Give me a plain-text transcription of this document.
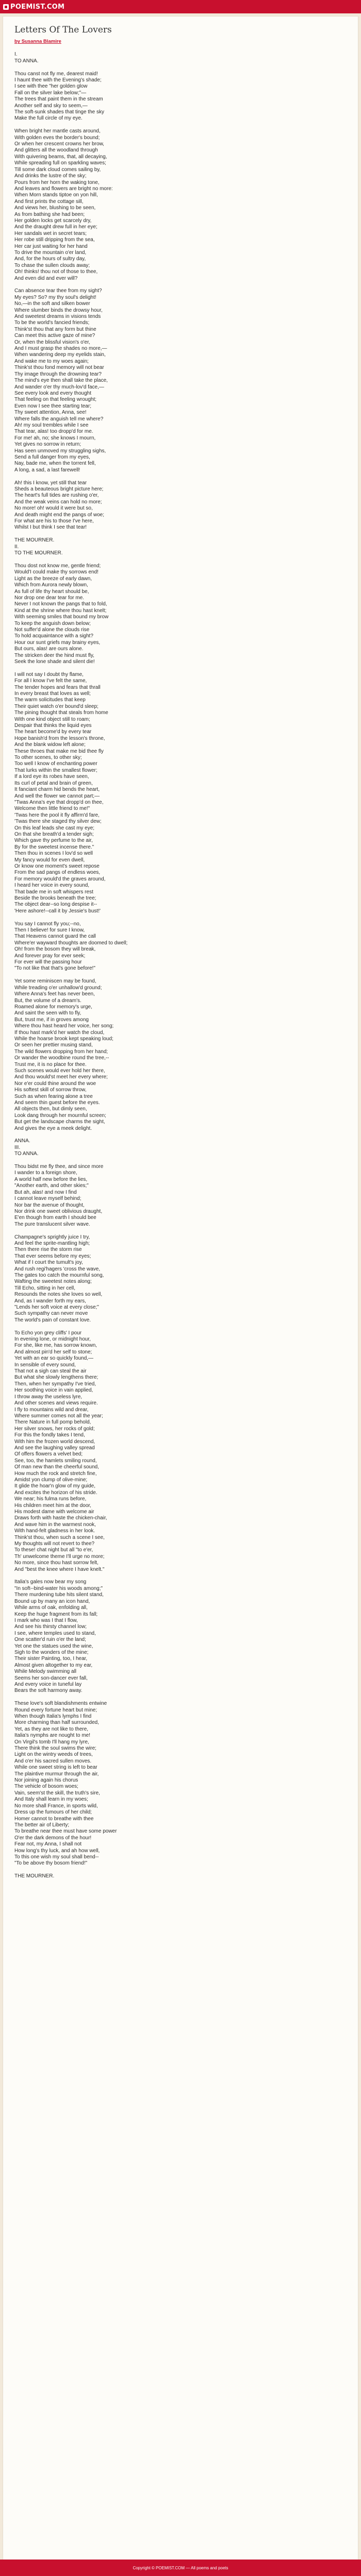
POEMIST.COM
Letters Of The Lovers
by Susanna Blamire
I.
TO ANNA.

Thou canst not fly me, dearest maid!
I haunt thee with the Evening's shade;
I see with thee "her golden glow
Fall on the silver lake below;"—
The trees that paint them in the stream
Another self and sky to seem,—
The soft-sunk shades that tinge the sky
Make the full circle of my eye.

When bright her mantle casts around,
With golden eves the border's bound;
Or when her crescent crowns her brow,
And glitters all the woodland through
With quivering beams, that, all decaying,
While spreading full on sparkling waves;
Till some dark cloud comes sailing by,
And drinks the lustre of the sky;
Pours from her horn the waking tone,
And leaves and flowers are bright no more:
When Morn stands tiptoe on yon hill,
And first prints the cottage sill,
And views her, blushing to be seen,
As from bathing she had been;
Her golden locks get scarcely dry,
And the draught drew full in her eye;
Her sandals wet in secret tears;
Her robe still dripping from the sea,
Her car just waiting for her hand
To drive the mountain o'er land,
And, for the hours of sultry day,
To chase the sullen clouds away;
Oh! thinks! thou not of those to thee,
And even did and ever will?

Can absence tear thee from my sight?
My eyes? So? my thy soul's delight!
No,—in the soft and silken bower
Where slumber binds the drowsy hour,
And sweetest dreams in visions tends
To be the world's fancied friends;
Think'st thou that any form but thine
Can meet this active gaze of mine?
Or, when the blissful vision's o'er,
And I must grasp the shades no more,—
When wandering deep my eyelids stain,
And wake me to my woes again;
Think'st thou fond memory will not bear
Thy image through the drowning tear?
The mind's eye then shall take the place,
And wander o'er thy much-lov'd face,—
See every look and every thought
That feeling on that feeling wrought;
Even now I see thee starting tear;
Thy sweet attention, Anna, see!
Where falls the anguish tell me where?
Ah! my soul trembles while I see
That tear, alas! too dropp'd for me.
For me! ah, no; she knows I mourn,
Yet gives no sorrow in return;
Has seen unmoved my struggling sighs,
Send a full danger from my eyes,
Nay, bade me, when the torrent fell,
A long, a sad, a last farewell!

Ah! this I know, yet still that tear
Sheds a beauteous bright picture here;
The heart's full tides are rushing o'er,
And the weak veins can hold no more;
No more! oh! would it were but so,
And death might end the pangs of woe;
For what are his to those I've here,
Whilst I but think I see that tear!

THE MOURNER.
II.
TO THE MOURNER.

Thou dost not know me, gentle friend;
Would'I could make thy sorrows end!
Light as the breeze of early dawn,
Which from Aurora newly blown,
As full of life thy heart should be,
Nor drop one dear tear for me.
Never I not known the pangs that to fold,
Kind at the shrine where thou hast knelt;
With seeming smiles that bound my brow
To keep the anguish down below;
Not suffer'd alone the clouds rise
To hold acquaintance with a sight?
Hour our sunt griefs may brainy eyes,
But ours, alas! are ours alone.
The stricken deer the hind must fly,
Seek the lone shade and silent die!

I will not say I doubt thy flame,
For all I know I've felt the same,
The tender hopes and fears that thrall
In every breast that loves as well;
The warm solicitudes that keep
Their quiet watch o'er bound'd sleep;
The pining thought that steals from home
With one kind object still to roam;
Despair that thinks the liquid eyes
The heart become'd by every tear
Hope banish'd from the lesson's throne,
And the blank widow left alone;
These throes that make me bid thee fly
To other scenes, to other sky;
Too well I know of enchanting power
That lurks within the smallest flower;
If a lord eye its robes have seen,
Its curl of petal and brain of green,
It fanciant charm hid bends the heart,
And well the flower we cannot part;—
"Twas Anna's eye that dropp'd on thee,
Welcome then little friend to me!"
'Twas here the pool it fly affirm'd fare,
'Twas there she staged thy silver dew;
On this leaf leads she cast my eye;
On that she breath'd a tender sigh;
Which gave thy perfume to the air,
By for the sweetest incense there."
Then thou in scenes I lov'd so well
My fancy would for even dwell,
Or know one moment's sweet repose
From the sad pangs of endless woes,
For memory would'd the graves around,
I heard her voice in every sound,
That bade me in soft whispers rest
Beside the brooks beneath the tree;
The object dear--so long despise it--
'Here ashore!--call it by Jessie's bust!'

You say I cannot fly you;--no,
Then I believe! for sure I know,
That Heavens cannot guard the call
Where'er wayward thoughts are doomed to dwell;
Oh! from the bosom they will break,
And forever pray for ever seek;
For ever will the passing hour
"To not like that that's gone before!"

Yet some reminiscen may be found,
While treading o'er unhallow'd ground;
Where Anna's feet has never been,
But, the volume of a dream's.
Roamed alone for memory's urge,
And saint the seen with to fly,
But, trust me, if in groves among
Where thou hast heard her voice, her song;
If thou hast mark'd her watch the cloud,
While the hoarse brook kept speaking loud;
Or seen her prettier musing stand,
The wild flowers dropping from her hand;
Or wander the woodbine round the tree,--
Trust me, it is no place for thee.
Such scenes would ever hold her there,
And thou would'st meet her every where;
Nor e'er could thine around the woe
His softest skill of sorrow throw,
Such as when fearing alone a tree
And seem thin guest before the eyes.
All objects then, but dimly seen,
Look dang through her mournful screen;
But get the landscape charms the sight,
And gives the eye a meek delight.

ANNA.
III.
TO ANNA.

Thou bidst me fly thee, and since more
I wander to a foreign shore,
A world half new before the lies,
"Another earth, and other skies;"
But ah, alas! and now I find
I cannot leave myself behind;
Nor bar the avenue of thought,
Nor drink one sweet oblivious draught,
E'en though from earth I should bee
The pure translucent silver wave.

Champagne's sprightly juice I try,
And feel the sprite-mantling high;
Then there rise the storm rise
That ever seems before my eyes;
What if I court the tumult's joy,
And rush regi'hagers 'cross the wave,
The gates too catch the mournful song,
Wafting the sweetest notes along;
Till Echo, sitting in her cell,
Resounds the notes she loves so well,
And, as I wander forth my ears,
"Lends her soft voice at every close;"
Such sympathy can never move
The world's pain of constant love.

To Echo yon grey cliffs' I pour
In evening lone, or midnight hour,
For she, like me, has sorrow known,
And almost pin'd her self to stone;
Yet with an ear so quickly found,—
In sensible of every sound,
That not a sigh can steal the air
But what she slowly lengthens there;
Then, when her sympathy I've tried,
Her soothing voice in vain applied,
I throw away the useless lyre,
And other scenes and views require.
I fly to mountains wild and drear,
Where summer comes not all the year;
There Nature in full pomp behold,
Her silver snows, her rocks of gold;
For this the fondly takes I tend,
With him the frozen world descend,
And see the laughing valley spread
Of offers flowers a velvet bed;
See, too, the hamlets smiling round,
Of man new than the cheerful sound,
How much the rock and stretch fine,
Amidst yon clump of olive-mine;
It glide the hoar'n glow of my guide,
And excites the horizon of his stride.
We near; his fulma runs before,
His children meet him at the door,
His modest dame with welcome air
Draws forth with haste the chicken-chair,
And wave him in the warmest nook,
With hand-felt gladness in her look.
Think'st thou, when such a scene I see,
My thoughts will not revert to thee?
To these! chat night but all "to e'er,
Th' unwelcome theme I'll urge no more;
No more, since thou hast sorrow felt,
And "best the knee where I have knelt."

Italia's gales now bear my song
"In soft--bind-water his woods among;"
There murdening tube hits silent stand,
Bound up by many an icon hand,
While arms of oak, enfolding all,
Keep the huge fragment from its fall;
I mark who was I that I flow,
And see his thirsty channel low;
I see, where temples used to stand,
One scatter'd ruin o'er the land;
Yet one the statues used the wine,
Sigh to the wonders of the mine;
Their sister Painting, too, I hear,
Almost given altogether to my ear,
While Melody swimming all
Seems her son-dancer ever fall,
And every voice in tuneful lay
Bears the soft harmony away.

These love's soft blandishments entwine
Round every fortune heart but mine;
When though Italia's lymphs I find
More charming than half surrounded,
Yet, as they are not like to there,
Italia's nymphs are nought to me!
On Virgil's tomb I'll hang my lyre,
There think the soul swims the wire;
Light on the wintry weeds of trees,
And o'er his sacred sullen moves.
While one sweet string is left to bear
The plaintive murmur through the air,
Nor joining again his chorus
The vehicle of bosom woes;
Vain, seem'st the skill, the truth's sire,
And Italy shall learn in my woes;
No more shall France, in sports wild,
Dress up the fumours of her child;
Homer cannot to breathe with thee
The better air of Liberty;
To breathe near thee must have some power
O'er the dark demons of the hour!
Fear not, my Anna, I shall not
How long's thy luck, and ah how well,
To this one wish my soul shall bend--
"To be above thy bosom friend!"

THE MOURNER.
Copyright © POEMIST.COM — All poems and poets
